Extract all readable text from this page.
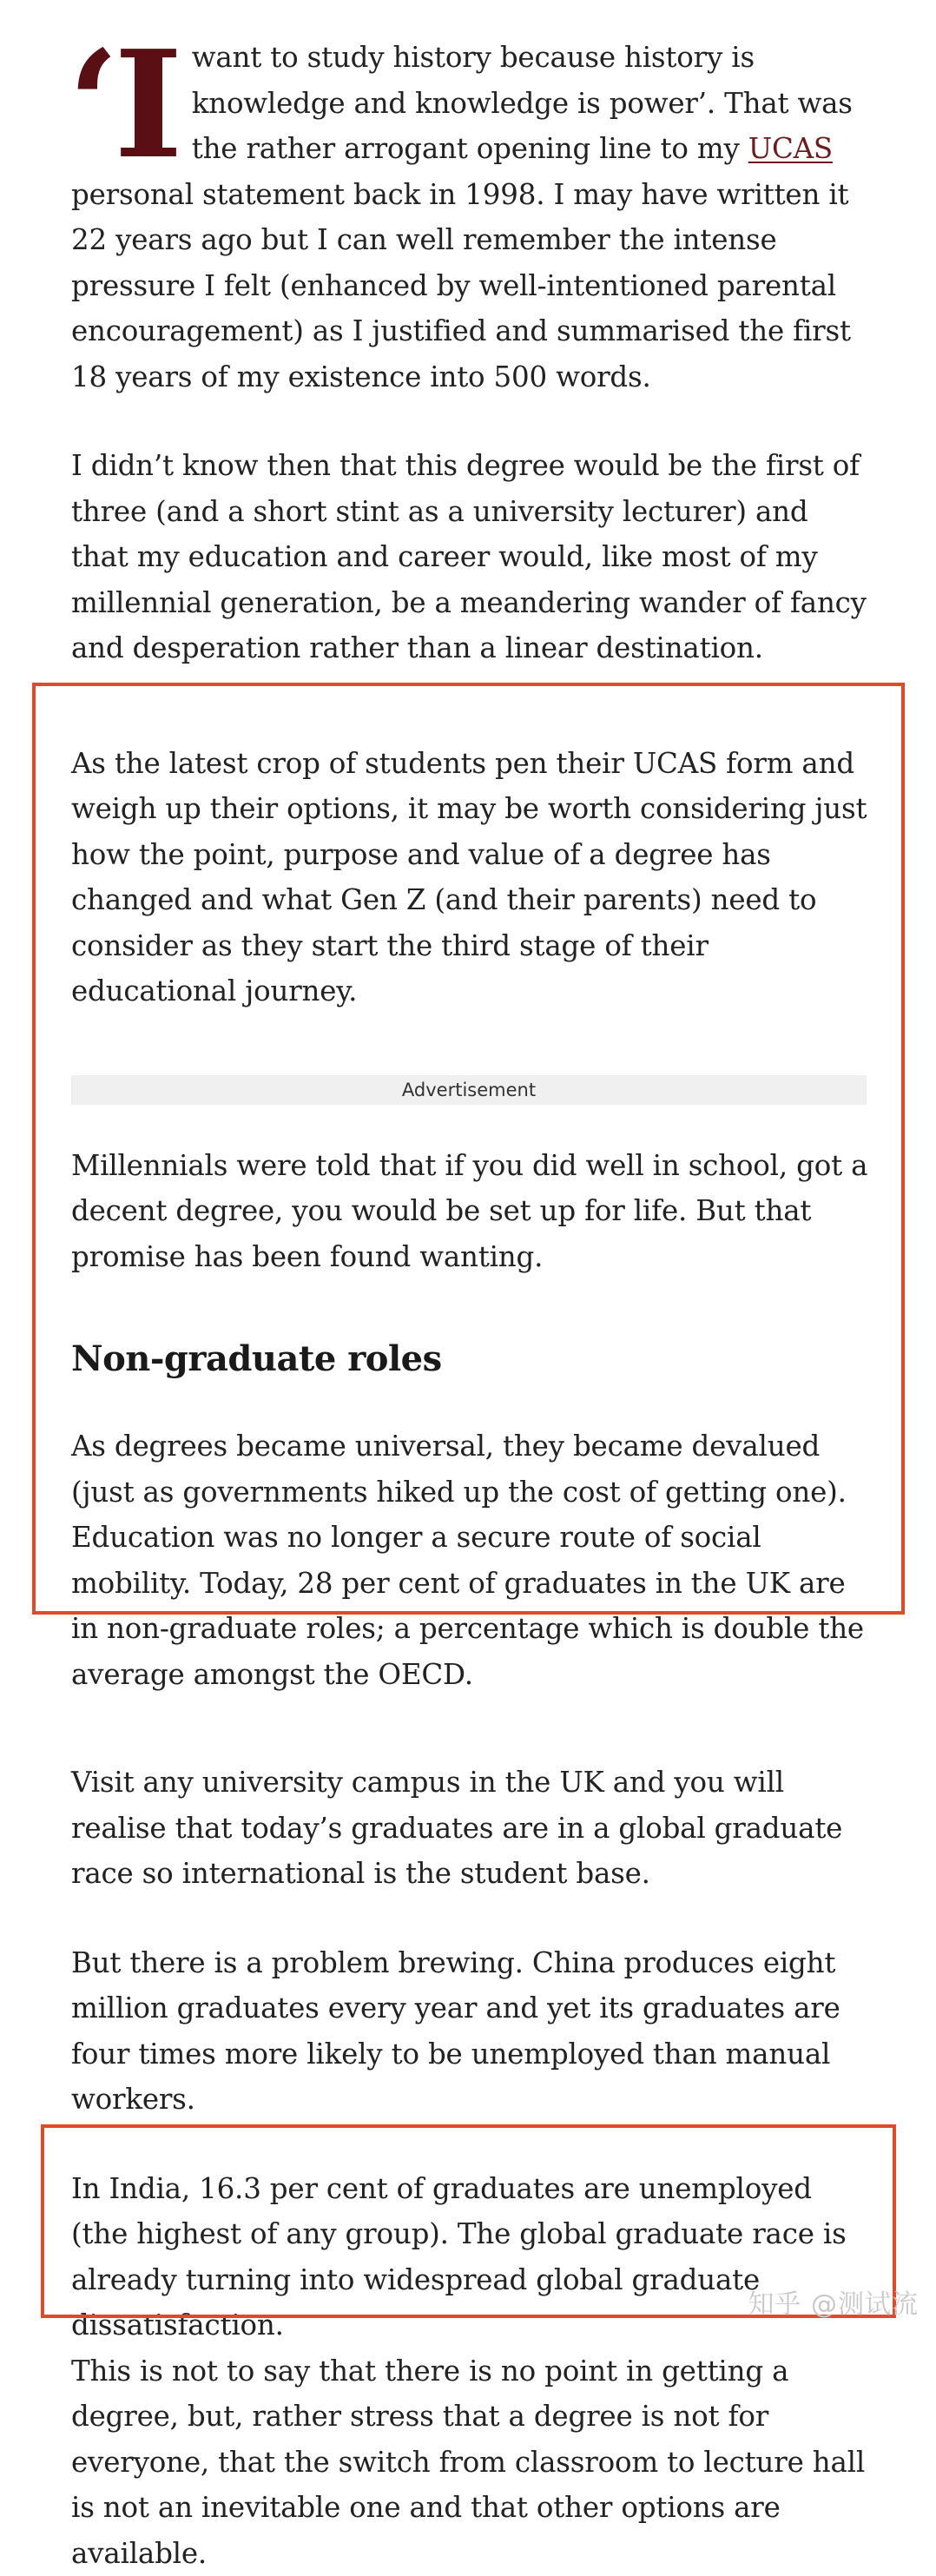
‘Iwant to study history because history is knowledge and knowledge is power’. That was the rather arrogant opening line to my UCAS personal statement back in 1998. I may have written it 22 years ago but I can well remember the intense pressure I felt (enhanced by well-intentioned parental encouragement) as I justified and summarised the first 18 years of my existence into 500 words.

I didn’t know then that this degree would be the first of three (and a short stint as a university lecturer) and that my education and career would, like most of my millennial generation, be a meandering wander of fancy and desperation rather than a linear destination.

As the latest crop of students pen their UCAS form and weigh up their options, it may be worth considering just how the point, purpose and value of a degree has changed and what Gen Z (and their parents) need to consider as they start the third stage of their educational journey.

Advertisement

Millennials were told that if you did well in school, got a decent degree, you would be set up for life. But that promise has been found wanting.

Non-graduate roles

As degrees became universal, they became devalued (just as governments hiked up the cost of getting one). Education was no longer a secure route of social mobility. Today, 28 per cent of graduates in the UK are in non-graduate roles; a percentage which is double the average amongst the OECD.

Visit any university campus in the UK and you will realise that today’s graduates are in a global graduate race so international is the student base.

But there is a problem brewing. China produces eight million graduates every year and yet its graduates are four times more likely to be unemployed than manual workers.

In India, 16.3 per cent of graduates are unemployed (the highest of any group). The global graduate race is already turning into widespread global graduate dissatisfaction.

This is not to say that there is no point in getting a degree, but, rather stress that a degree is not for everyone, that the switch from classroom to lecture hall is not an inevitable one and that other options are available.

知乎 @测试流
